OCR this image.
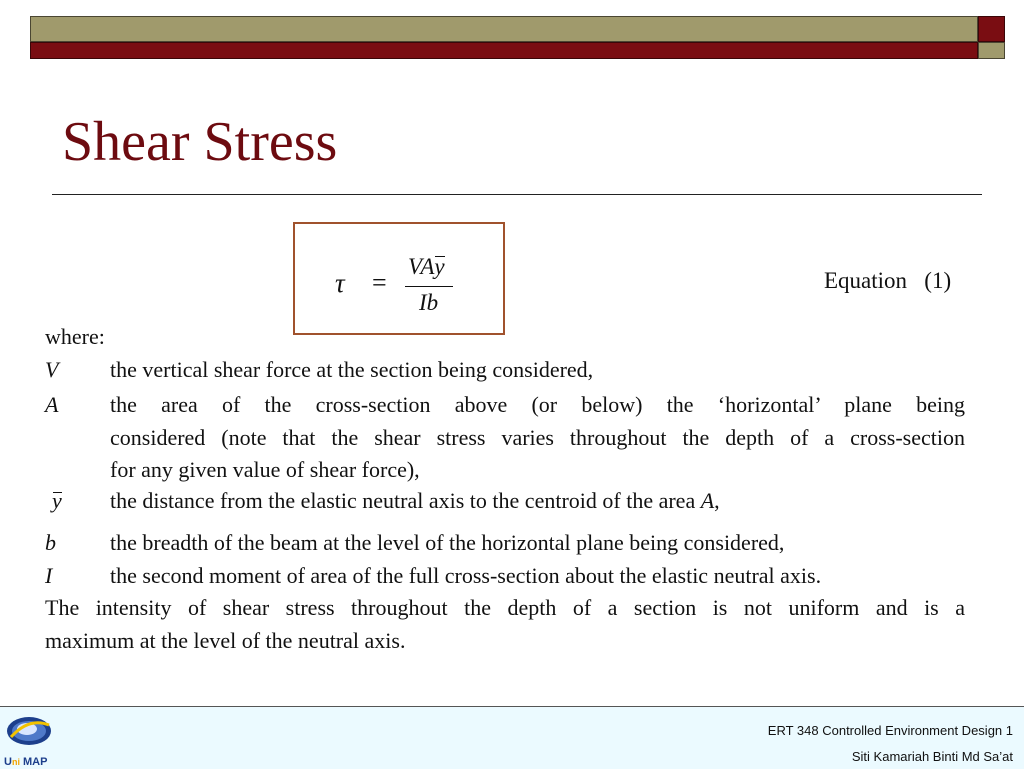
Shear Stress
τ =
VAy
Ib
Equation   (1)
where:
V the vertical shear force at the section being considered,
A the area of the cross-section above (or below) the ‘horizontal’ plane being
considered (note that the shear stress varies throughout the depth of a cross-section
for any given value of shear force),
y the distance from the elastic neutral axis to the centroid of the area A,
b the breadth of the beam at the level of the horizontal plane being considered,
I	the second moment of area of the full cross-section about the elastic neutral axis.
The intensity of shear stress throughout the depth of a section is not uniform and is a
maximum at the level of the neutral axis.
U ni MAP
ERT 348 Controlled Environment Design 1
Siti Kamariah Binti Md Sa’at
